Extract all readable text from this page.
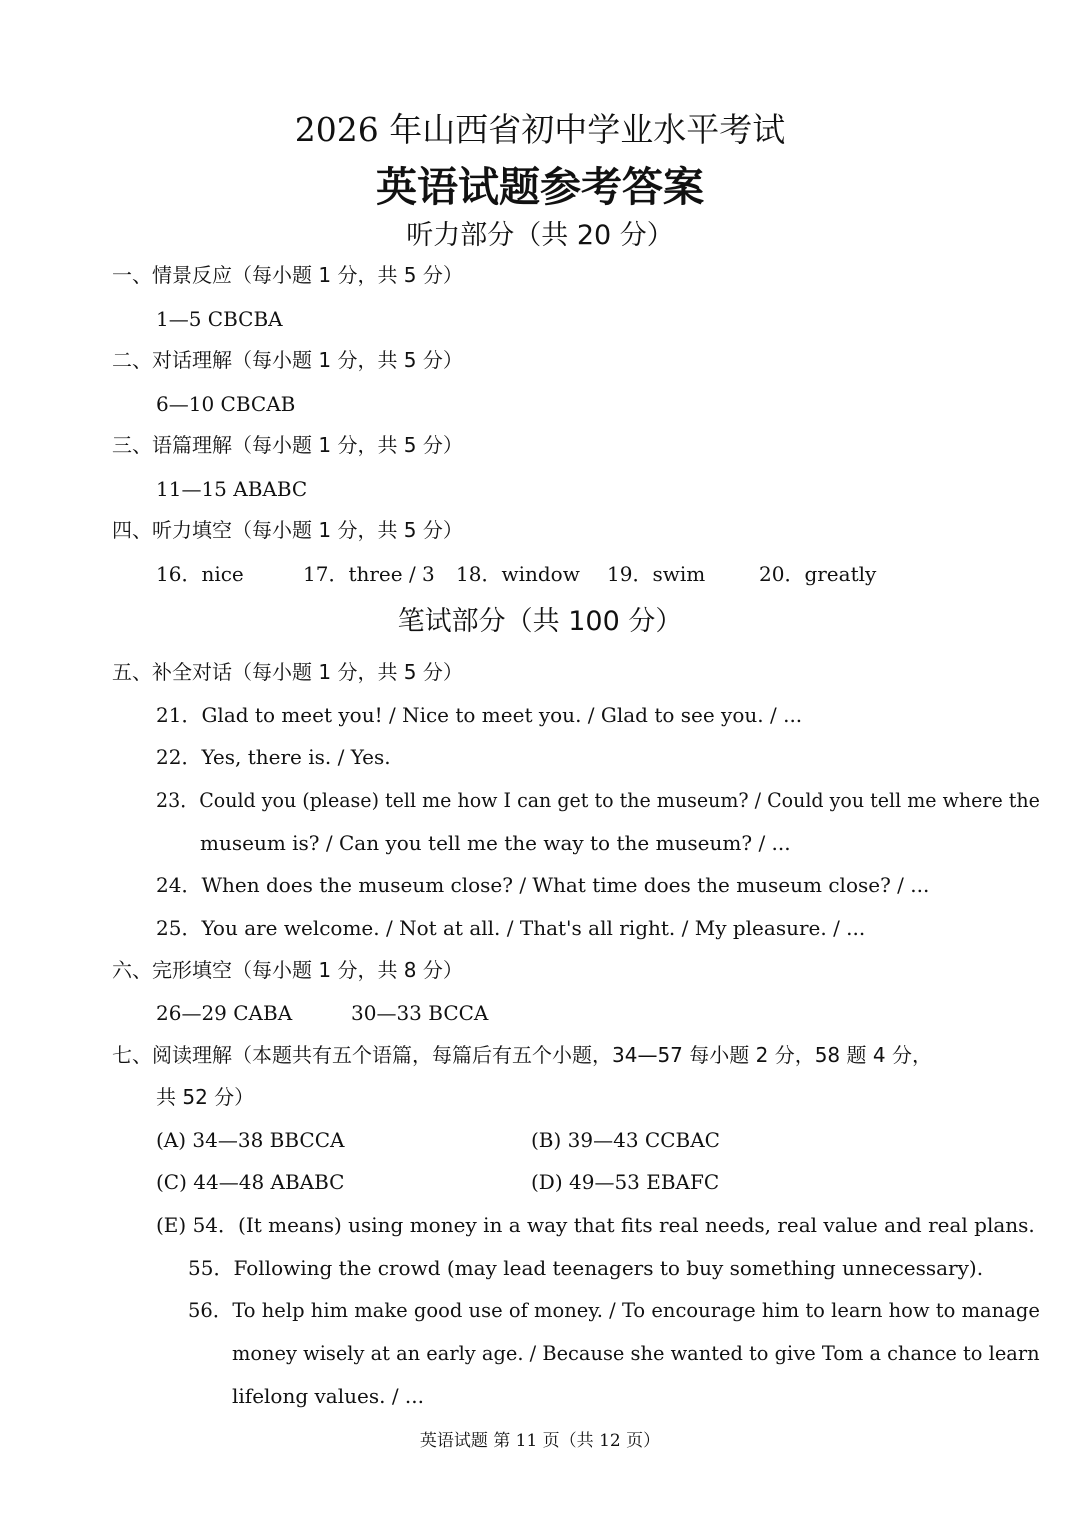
2026 年山西省初中学业水平考试
英语试题参考答案
听力部分（共 20 分）
一、情景反应（每小题 1 分，共 5 分）
1—5 CBCBA
二、对话理解（每小题 1 分，共 5 分）
6—10 CBCAB
三、语篇理解（每小题 1 分，共 5 分）
11—15 ABABC
四、听力填空（每小题 1 分，共 5 分）
16．nice	17．three / 3 18．window 19．swim	20．greatly
笔试部分（共 100 分）
五、补全对话（每小题 1 分，共 5 分）
21．Glad to meet you! / Nice to meet you. / Glad to see you. / ...
22．Yes, there is. / Yes.
23．Could you (please) tell me how I can get to the museum? / Could you tell me where the
museum is? / Can you tell me the way to the museum? / ...
24．When does the museum close? / What time does the museum close? / ...
25．You are welcome. / Not at all. / That's all right. / My pleasure. / ...
六、完形填空（每小题 1 分，共 8 分）
26—29 CABA	30—33 BCCA
七、阅读理解（本题共有五个语篇，每篇后有五个小题，34—57 每小题 2 分，58 题 4 分，
共 52 分）
(A) 34—38 BBCCA	(B) 39—43 CCBAC
(C) 44—48 ABABC	(D) 49—53 EBAFC
(E) 54．(It means) using money in a way that fits real needs, real value and real plans.
55．Following the crowd (may lead teenagers to buy something unnecessary).
56．To help him make good use of money. / To encourage him to learn how to manage
money wisely at an early age. / Because she wanted to give Tom a chance to learn
lifelong values. / ...
英语试题 第 11 页（共 12 页）
